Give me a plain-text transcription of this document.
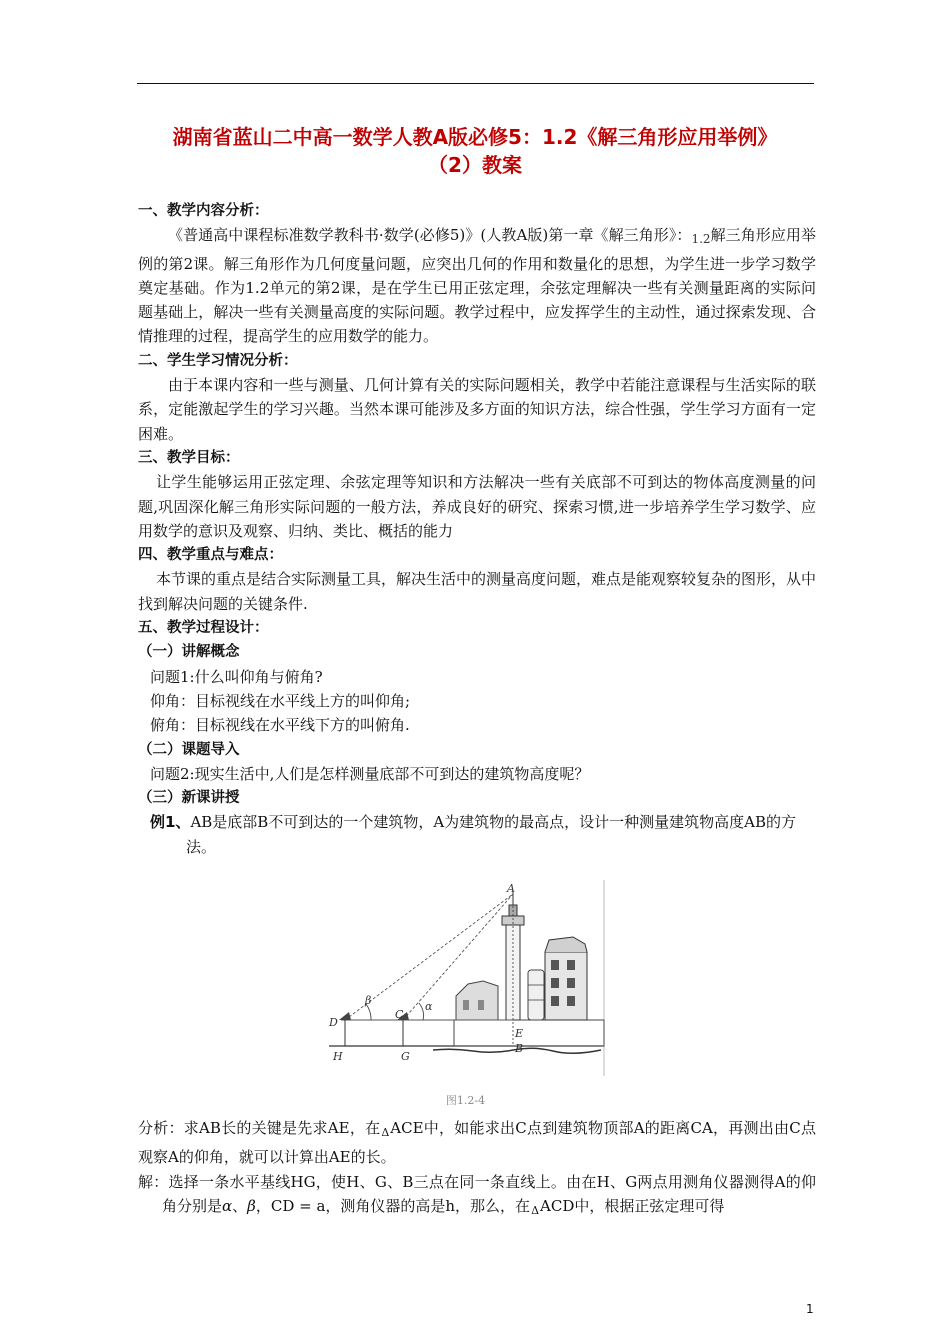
湖南省蓝山二中高一数学人教A版必修5：1.2《解三角形应用举例》
（2）教案

一、教学内容分析：

《普通高中课程标准数学教科书·数学(必修5)》(人教A版)第一章《解三角形》：$_{1.2}$解三角形应用举例的第2课。解三角形作为几何度量问题，应突出几何的作用和数量化的思想，为学生进一步学习数学奠定基础。作为1.2单元的第2课，是在学生已用正弦定理，余弦定理解决一些有关测量距离的实际问题基础上，解决一些有关测量高度的实际问题。教学过程中，应发挥学生的主动性，通过探索发现、合情推理的过程，提高学生的应用数学的能力。

二、学生学习情况分析：

由于本课内容和一些与测量、几何计算有关的实际问题相关，教学中若能注意课程与生活实际的联系，定能激起学生的学习兴趣。当然本课可能涉及多方面的知识方法，综合性强，学生学习方面有一定困难。

三、教学目标：

让学生能够运用正弦定理、余弦定理等知识和方法解决一些有关底部不可到达的物体高度测量的问题,巩固深化解三角形实际问题的一般方法，养成良好的研究、探索习惯,进一步培养学生学习数学、应用数学的意识及观察、归纳、类比、概括的能力

四、教学重点与难点：

本节课的重点是结合实际测量工具，解决生活中的测量高度问题，难点是能观察较复杂的图形，从中找到解决问题的关键条件.

五、教学过程设计：

（一）讲解概念

问题1:什么叫仰角与俯角?

仰角：目标视线在水平线上方的叫仰角;

俯角：目标视线在水平线下方的叫俯角.

（二）课题导入

问题2:现实生活中,人们是怎样测量底部不可到达的建筑物高度呢？

（三）新课讲授

例1、AB是底部B不可到达的一个建筑物，A为建筑物的最高点，设计一种测量建筑物高度AB的方法。

A
D
C
E
B
H	G
α
β
图1.2-4

分析：求AB长的关键是先求AE，在$_\Delta$ACE中，如能求出C点到建筑物顶部A的距离CA，再测出由C点观察A的仰角，就可以计算出AE的长。

解：选择一条水平基线HG，使H、G、B三点在同一条直线上。由在H、G两点用测角仪器测得A的仰角分别是α、β，CD = a，测角仪器的高是h，那么，在$_\Delta$ACD中，根据正弦定理可得

1
